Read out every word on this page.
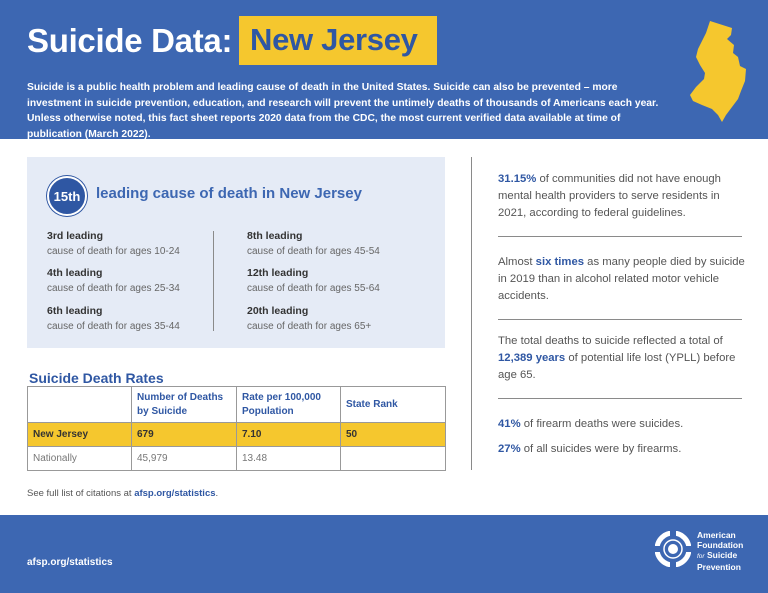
Suicide Data: New Jersey
Suicide is a public health problem and leading cause of death in the United States. Suicide can also be prevented – more investment in suicide prevention, education, and research will prevent the untimely deaths of thousands of Americans each year. Unless otherwise noted, this fact sheet reports 2020 data from the CDC, the most current verified data available at time of publication (March 2022).
15th	leading cause of death in New Jersey
3rd leading
cause of death for ages 10-24
4th leading
cause of death for ages 25-34
6th leading
cause of death for ages 35-44
8th leading
cause of death for ages 45-54
12th leading
cause of death for ages 55-64
20th leading
cause of death for ages 65+
Suicide Death Rates
	Number of Deaths by Suicide	Rate per 100,000 Population	State Rank
New Jersey	679	7.10	50
Nationally	45,979	13.48	
See full list of citations at afsp.org/statistics.
31.15% of communities did not have enough mental health providers to serve residents in 2021, according to federal guidelines.
Almost six times as many people died by suicide in 2019 than in alcohol related motor vehicle accidents.
The total deaths to suicide reflected a total of 12,389 years of potential life lost (YPLL) before age 65.
41% of firearm deaths were suicides.
27% of all suicides were by firearms.
afsp.org/statistics
American
Foundation
for Suicide
Prevention
